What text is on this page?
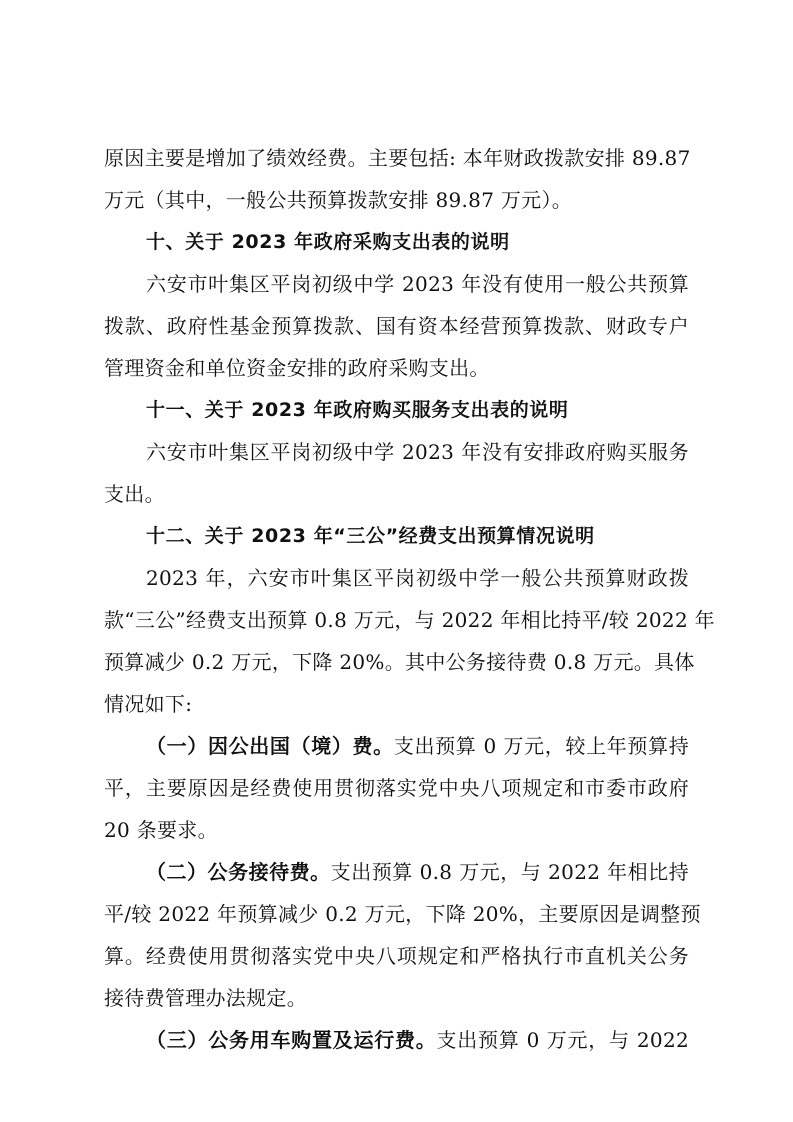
原因主要是增加了绩效经费。主要包括: 本年财政拨款安排 89.87
万元（其中，一般公共预算拨款安排 89.87 万元）。
十、关于 2023 年政府采购支出表的说明
六安市叶集区平岗初级中学 2023 年没有使用一般公共预算
拨款、政府性基金预算拨款、国有资本经营预算拨款、财政专户
管理资金和单位资金安排的政府采购支出。
十一、关于 2023 年政府购买服务支出表的说明
六安市叶集区平岗初级中学 2023 年没有安排政府购买服务
支出。
十二、关于 2023 年“三公”经费支出预算情况说明
2023 年，六安市叶集区平岗初级中学一般公共预算财政拨
款“三公”经费支出预算 0.8 万元，与 2022 年相比持平/较 2022 年
预算减少 0.2 万元，下降 20%。其中公务接待费 0.8 万元。具体
情况如下:
（一）因公出国（境）费。支出预算 0 万元，较上年预算持
平，主要原因是经费使用贯彻落实党中央八项规定和市委市政府
20 条要求。
（二）公务接待费。支出预算 0.8 万元，与 2022 年相比持
平/较 2022 年预算减少 0.2 万元，下降 20%，主要原因是调整预
算。经费使用贯彻落实党中央八项规定和严格执行市直机关公务
接待费管理办法规定。
（三）公务用车购置及运行费。支出预算 0 万元，与 2022
